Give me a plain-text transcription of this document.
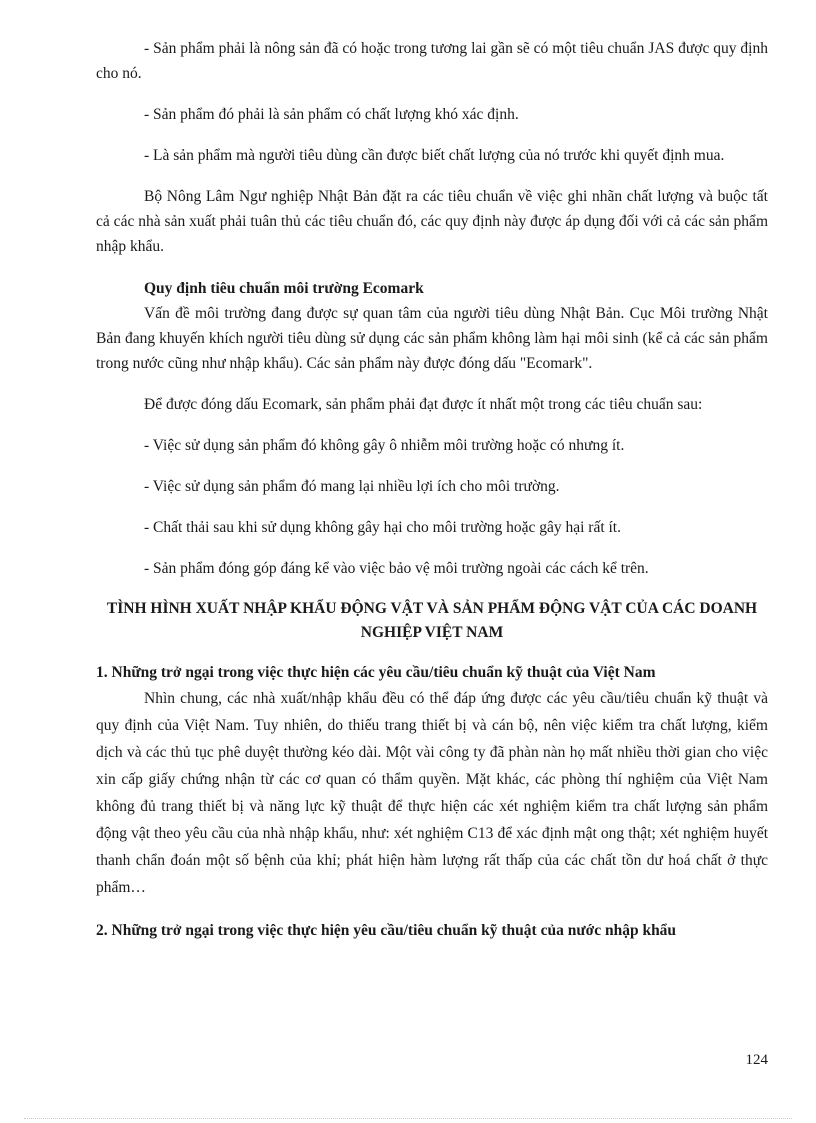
- Sản phẩm phải là nông sản đã có hoặc trong tương lai gần sẽ có một tiêu chuẩn JAS được quy định cho nó.

- Sản phẩm đó phải là sản phẩm có chất lượng khó xác định.

- Là sản phẩm mà người tiêu dùng cần được biết chất lượng của nó trước khi quyết định mua.

Bộ Nông Lâm Ngư nghiệp Nhật Bản đặt ra các tiêu chuẩn về việc ghi nhãn chất lượng và buộc tất cả các nhà sản xuất phải tuân thủ các tiêu chuẩn đó, các quy định này được áp dụng đối với cả các sản phẩm nhập khẩu.

Quy định tiêu chuẩn môi trường Ecomark

Vấn đề môi trường đang được sự quan tâm của người tiêu dùng Nhật Bản. Cục Môi trường Nhật Bản đang khuyến khích người tiêu dùng sử dụng các sản phẩm không làm hại môi sinh (kể cả các sản phẩm trong nước cũng như nhập khẩu). Các sản phẩm này được đóng dấu "Ecomark".

Để được đóng dấu Ecomark, sản phẩm phải đạt được ít nhất một trong các tiêu chuẩn sau:

- Việc sử dụng sản phẩm đó không gây ô nhiễm môi trường hoặc có nhưng ít.

- Việc sử dụng sản phẩm đó mang lại nhiều lợi ích cho môi trường.

- Chất thải sau khi sử dụng không gây hại cho môi trường hoặc gây hại rất ít.

- Sản phẩm đóng góp đáng kể vào việc bảo vệ môi trường ngoài các cách kể trên.

TÌNH HÌNH XUẤT NHẬP KHẨU ĐỘNG VẬT VÀ SẢN PHẨM ĐỘNG VẬT CỦA CÁC DOANH NGHIỆP VIỆT NAM

1. Những trở ngại trong việc thực hiện các yêu cầu/tiêu chuẩn kỹ thuật của Việt Nam

Nhìn chung, các nhà xuất/nhập khẩu đều có thể đáp ứng được các yêu cầu/tiêu chuẩn kỹ thuật và quy định của Việt Nam. Tuy nhiên, do thiếu trang thiết bị và cán bộ, nên việc kiểm tra chất lượng, kiểm dịch và các thủ tục phê duyệt thường kéo dài. Một vài công ty đã phàn nàn họ mất nhiều thời gian cho việc xin cấp giấy chứng nhận từ các cơ quan có thẩm quyền. Mặt khác, các phòng thí nghiệm của Việt Nam không đủ trang thiết bị và năng lực kỹ thuật để thực hiện các xét nghiệm kiểm tra chất lượng sản phẩm động vật theo yêu cầu của nhà nhập khẩu, như: xét nghiệm C13 để xác định mật ong thật; xét nghiệm huyết thanh chẩn đoán một số bệnh của khỉ; phát hiện hàm lượng rất thấp của các chất tồn dư hoá chất ở thực phẩm…

2. Những trở ngại trong việc thực hiện yêu cầu/tiêu chuẩn kỹ thuật của nước nhập khẩu

124
